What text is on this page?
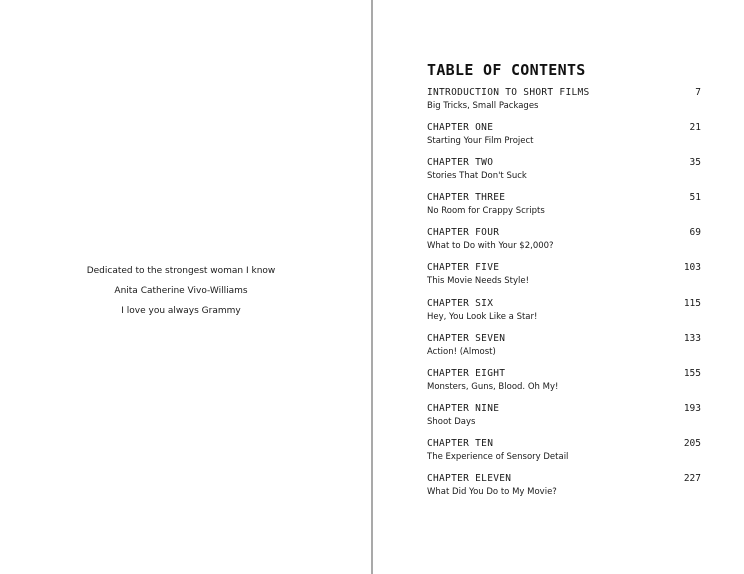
Dedicated to the strongest woman I know
Anita Catherine Vivo-Williams
I love you always Grammy
TABLE OF CONTENTS
INTRODUCTION TO SHORT FILMS
Big Tricks, Small Packages
7
CHAPTER ONE
Starting Your Film Project
21
CHAPTER TWO
Stories That Don't Suck
35
CHAPTER THREE
No Room for Crappy Scripts
51
CHAPTER FOUR
What to Do with Your $2,000?
69
CHAPTER FIVE
This Movie Needs Style!
103
CHAPTER SIX
Hey, You Look Like a Star!
115
CHAPTER SEVEN
Action! (Almost)
133
CHAPTER EIGHT
Monsters, Guns, Blood. Oh My!
155
CHAPTER NINE
Shoot Days
193
CHAPTER TEN
The Experience of Sensory Detail
205
CHAPTER ELEVEN
What Did You Do to My Movie?
227
